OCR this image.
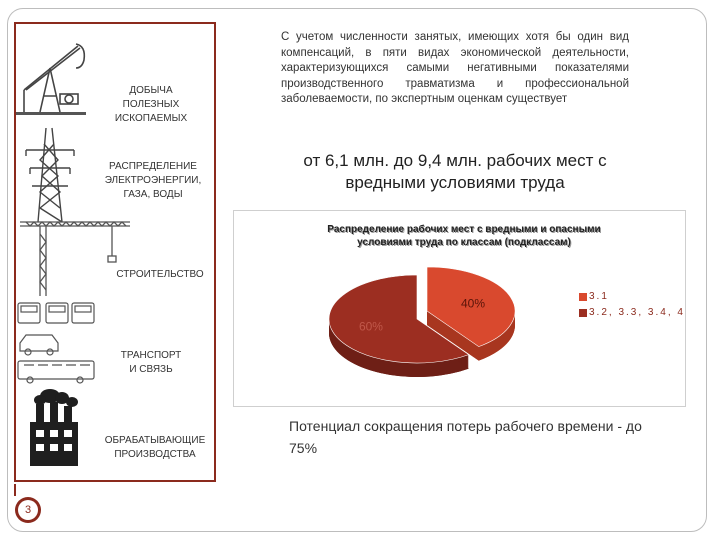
ДОБЫЧА ПОЛЕЗНЫХ ИСКОПАЕМЫХ
РАСПРЕДЕЛЕНИЕ ЭЛЕКТРОЭНЕРГИИ, ГАЗА, ВОДЫ
СТРОИТЕЛЬСТВО
ТРАНСПОРТ И СВЯЗЬ
ОБРАБАТЫВАЮЩИЕ ПРОИЗВОДСТВА
3
С учетом численности занятых, имеющих хотя бы один вид компенсаций, в пяти видах экономической деятельности, характеризующихся самыми негативными показателями производственного травматизма и профессиональной заболеваемости, по экспертным оценкам существует
от 6,1 млн. до 9,4 млн. рабочих мест с вредными условиями труда
Распределение рабочих мест с вредными и опасными условиями труда по классам (подклассам)
60%
40%
3.1
3.2, 3.3, 3.4, 4
Потенциал сокращения потерь рабочего времени - до 75%
